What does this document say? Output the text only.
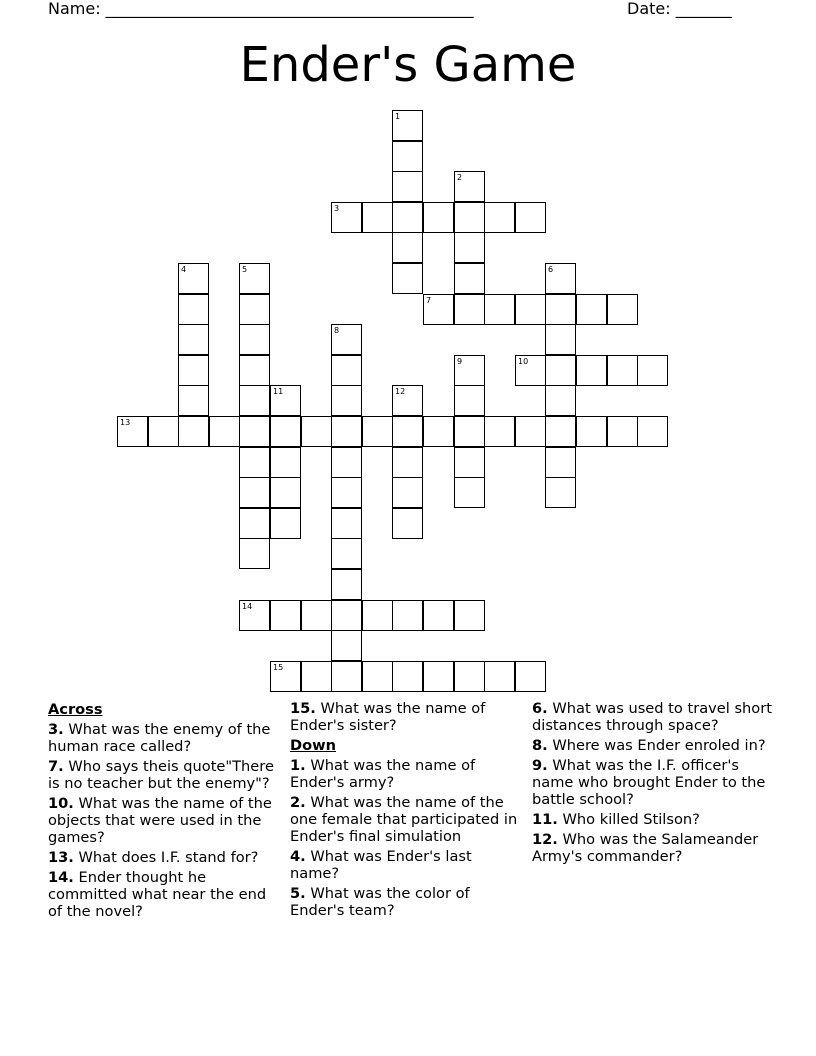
Name: ______________________________________________	Date: _______
Ender's Game
1
2
3
4	5	6
7
8
9	10
11	12
13
14
15
Across
3. What was the enemy of the human race called?
7. Who says theis quote"There is no teacher but the enemy"?
10. What was the name of the objects that were used in the games?
13. What does I.F. stand for?
14. Ender thought he committed what near the end of the novel?
15. What was the name of Ender's sister?
Down
1. What was the name of Ender's army?
2. What was the name of the one female that participated in Ender's final simulation
4. What was Ender's last name?
5. What was the color of Ender's team?
6. What was used to travel short distances through space?
8. Where was Ender enroled in?
9. What was the I.F. officer's name who brought Ender to the battle school?
11. Who killed Stilson?
12. Who was the Salameander Army's commander?
